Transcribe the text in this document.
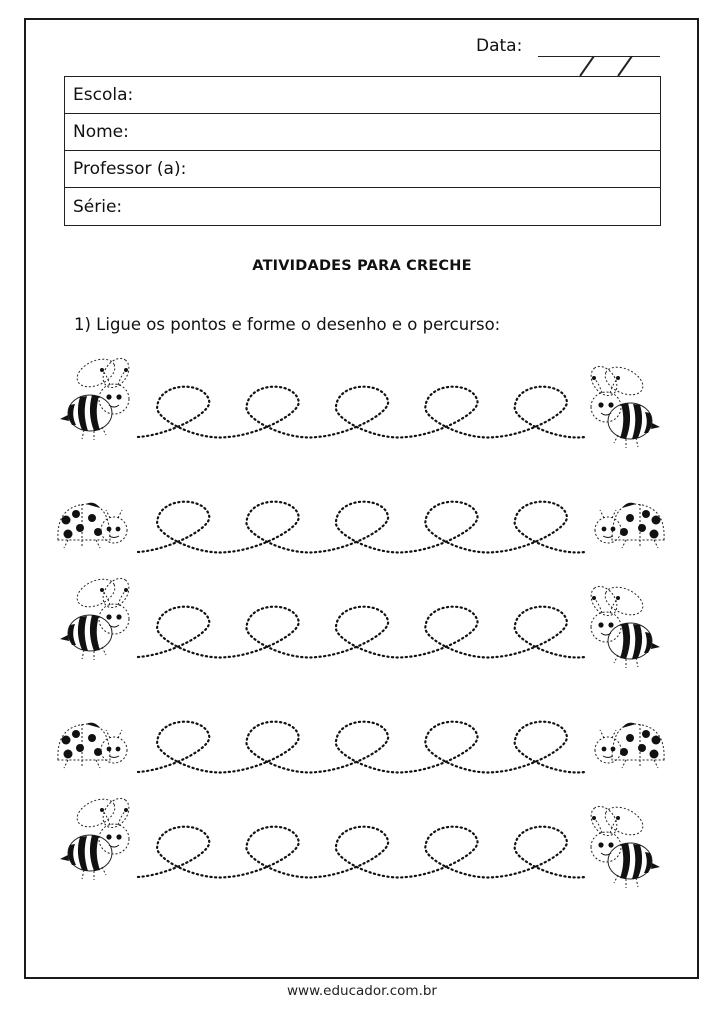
Data:
Escola:
Nome:
Professor (a):
Série:
ATIVIDADES PARA CRECHE
1) Ligue os pontos e forme o desenho e o percurso:
www.educador.com.br
